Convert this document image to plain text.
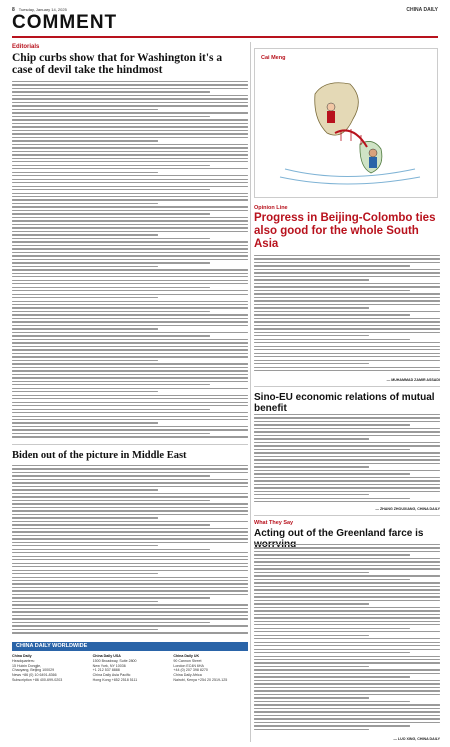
8 Tuesday, January 14, 2025	CHINA DAILY
COMMENT
Editorials
Chip curbs show that for Washington it's a case of devil take the hindmost
Biden out of the picture in Middle East
Cai Meng
Opinion Line
Progress in Beijing-Colombo ties also good for the whole South Asia
— MUHAMMAD ZAMIR ASSADI
Sino-EU economic relations of mutual benefit
— ZHANG ZHOUXIANG, CHINA DAILY
What They Say
Acting out of the Greenland farce is
— LUO XING, CHINA DAILY
CHINA DAILY WORLDWIDE
China Daily
Headquarters:
15 Huixin Dongjie,
Chaoyang, Beijing 100029
News +86 (0) 10 6491-8366
Subscription +86 400-699-0203
China Daily USA
1500 Broadway, Suite 2800
New York, NY 10036
+1 212 537 8888
China Daily Asia Pacific
Hong Kong +852 2518 5111
China Daily UK
90 Cannon Street
London EC4N 6HA
+44 (0) 207 398 8270
China Daily Africa
Nairobi, Kenya +254 20 2519-125
